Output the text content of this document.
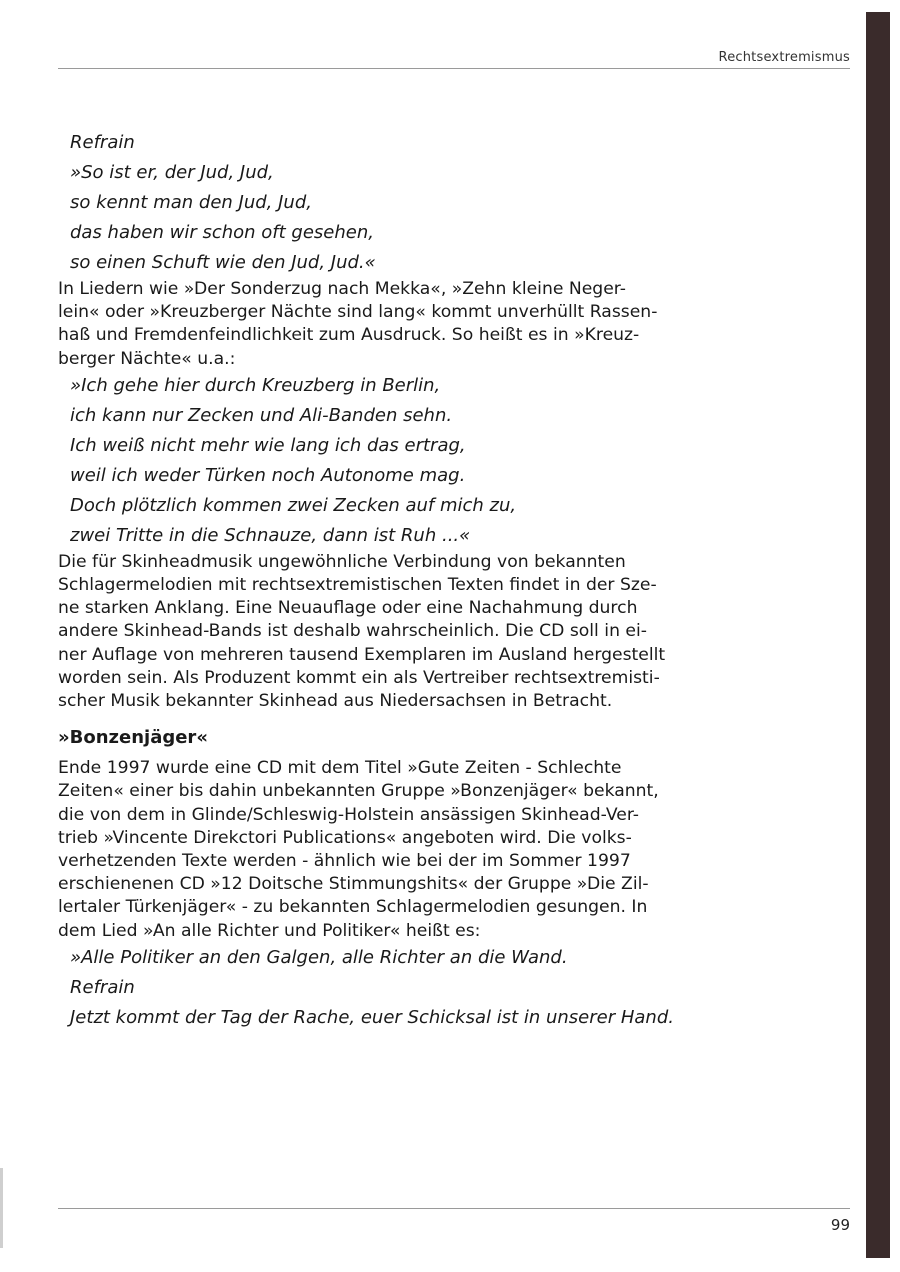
Rechtsextremismus
Refrain
»So ist er, der Jud, Jud,
so kennt man den Jud, Jud,
das haben wir schon oft gesehen,
so einen Schuft wie den Jud, Jud.«
In Liedern wie »Der Sonderzug nach Mekka«, »Zehn kleine Neger-
lein« oder »Kreuzberger Nächte sind lang« kommt unverhüllt Rassen-
haß und Fremdenfeindlichkeit zum Ausdruck. So heißt es in »Kreuz-
berger Nächte« u.a.:
»Ich gehe hier durch Kreuzberg in Berlin,
ich kann nur Zecken und Ali-Banden sehn.
Ich weiß nicht mehr wie lang ich das ertrag,
weil ich weder Türken noch Autonome mag.
Doch plötzlich kommen zwei Zecken auf mich zu,
zwei Tritte in die Schnauze, dann ist Ruh ...«
Die für Skinheadmusik ungewöhnliche Verbindung von bekannten
Schlagermelodien mit rechtsextremistischen Texten findet in der Sze-
ne starken Anklang. Eine Neuauflage oder eine Nachahmung durch
andere Skinhead-Bands ist deshalb wahrscheinlich. Die CD soll in ei-
ner Auflage von mehreren tausend Exemplaren im Ausland hergestellt
worden sein. Als Produzent kommt ein als Vertreiber rechtsextremisti-
scher Musik bekannter Skinhead aus Niedersachsen in Betracht.
»Bonzenjäger«
Ende 1997 wurde eine CD mit dem Titel »Gute Zeiten - Schlechte
Zeiten« einer bis dahin unbekannten Gruppe »Bonzenjäger« bekannt,
die von dem in Glinde/Schleswig-Holstein ansässigen Skinhead-Ver-
trieb »Vincente Direkctori Publications« angeboten wird. Die volks-
verhetzenden Texte werden - ähnlich wie bei der im Sommer 1997
erschienenen CD »12 Doitsche Stimmungshits« der Gruppe »Die Zil-
lertaler Türkenjäger« - zu bekannten Schlagermelodien gesungen. In
dem Lied »An alle Richter und Politiker« heißt es:
»Alle Politiker an den Galgen, alle Richter an die Wand.
Refrain
Jetzt kommt der Tag der Rache, euer Schicksal ist in unserer Hand.
99
